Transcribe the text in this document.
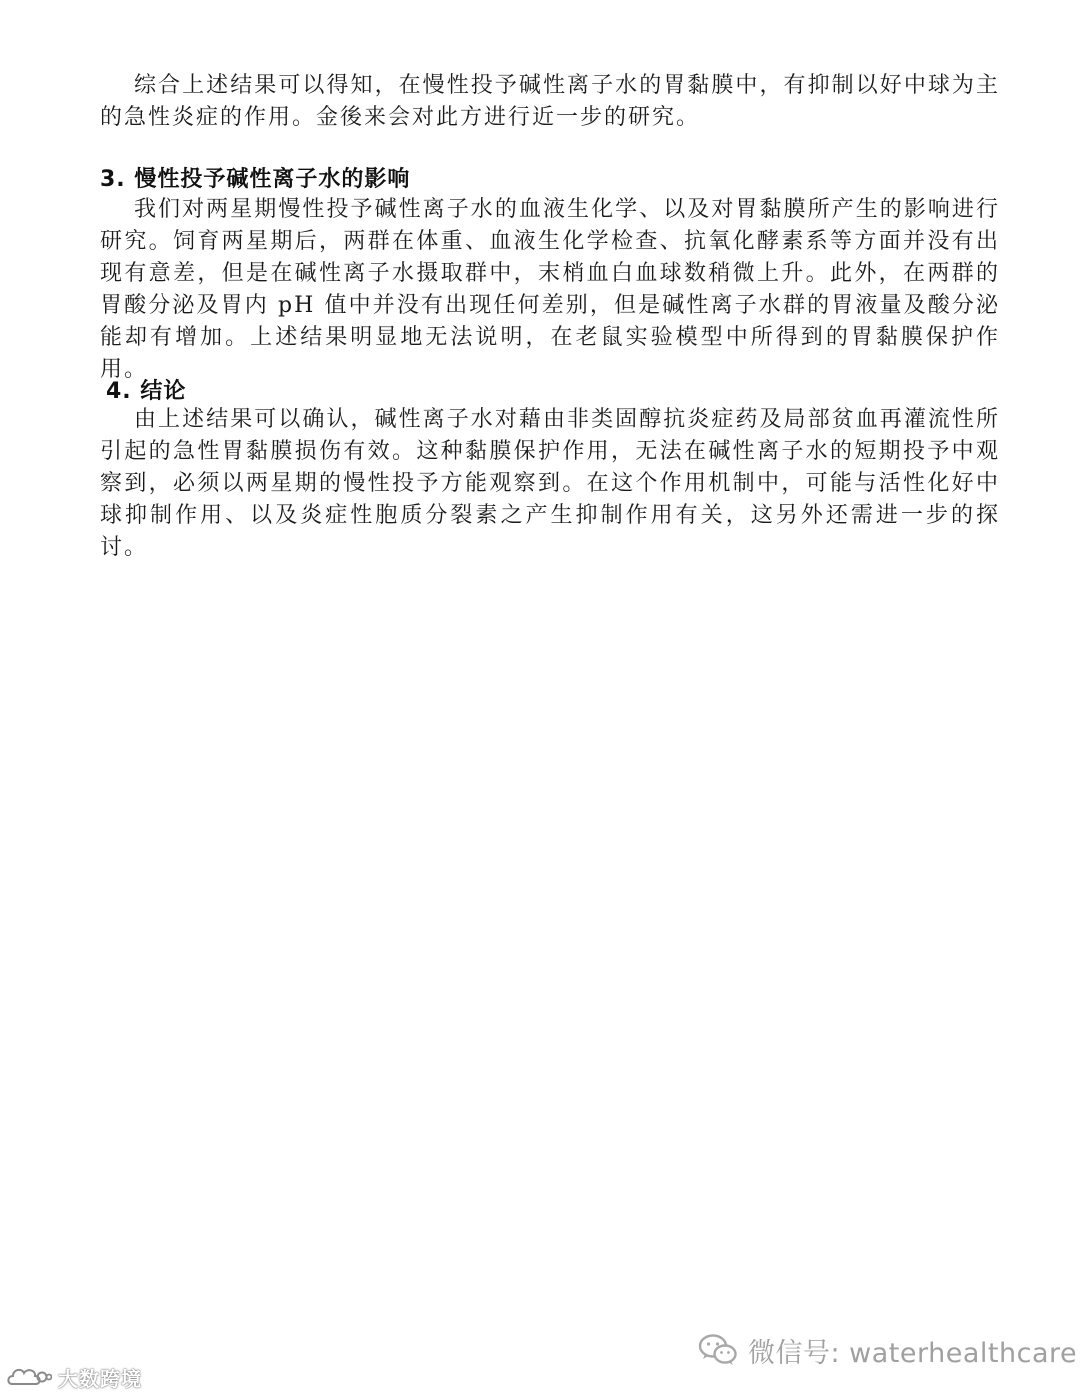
综合上述结果可以得知，在慢性投予碱性离子水的胃黏膜中，有抑制以好中球为主的急性炎症的作用。金後来会对此方进行近一步的研究。

3. 慢性投予碱性离子水的影响

我们对两星期慢性投予碱性离子水的血液生化学、以及对胃黏膜所产生的影响进行研究。饲育两星期后，两群在体重、血液生化学检查、抗氧化酵素系等方面并没有出现有意差，但是在碱性离子水摄取群中，末梢血白血球数稍微上升。此外，在两群的胃酸分泌及胃内 pH 值中并没有出现任何差别，但是碱性离子水群的胃液量及酸分泌能却有增加。上述结果明显地无法说明，在老鼠实验模型中所得到的胃黏膜保护作用。

4. 结论

由上述结果可以确认，碱性离子水对藉由非类固醇抗炎症药及局部贫血再灌流性所引起的急性胃黏膜损伤有效。这种黏膜保护作用，无法在碱性离子水的短期投予中观察到，必须以两星期的慢性投予方能观察到。在这个作用机制中，可能与活性化好中球抑制作用、以及炎症性胞质分裂素之产生抑制作用有关，这另外还需进一步的探讨。

微信号: waterhealthcare
大数跨境
